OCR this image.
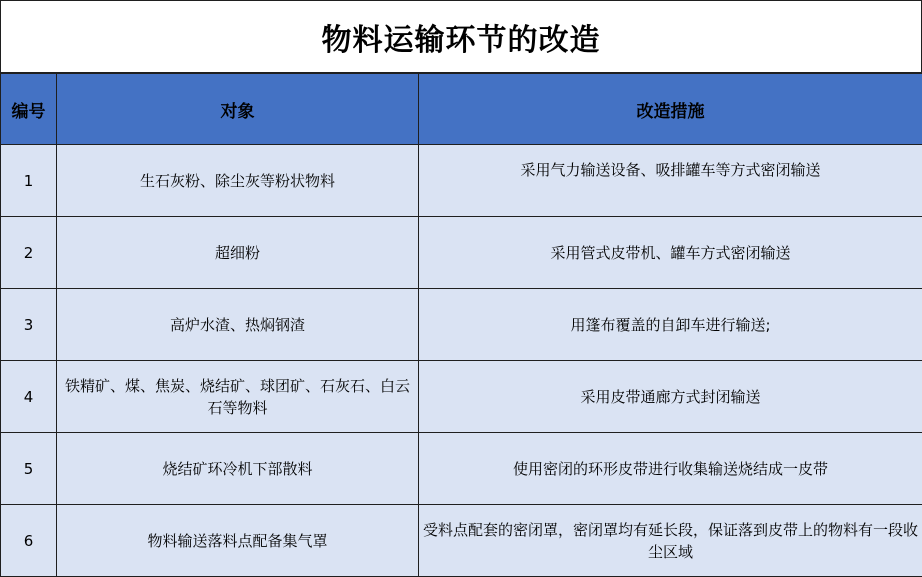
物料运输环节的改造
编号	对象	改造措施
1	生石灰粉、除尘灰等粉状物料	采用气力输送设备、吸排罐车等方式密闭输送
2	超细粉	采用管式皮带机、罐车方式密闭输送
3	高炉水渣、热焖钢渣	用篷布覆盖的自卸车进行输送;
4	铁精矿、煤、焦炭、烧结矿、球团矿、石灰石、白云石等物料	采用皮带通廊方式封闭输送
5	烧结矿环冷机下部散料	使用密闭的环形皮带进行收集输送烧结成一皮带
6	物料输送落料点配备集气罩	受料点配套的密闭罩，密闭罩均有延长段，保证落到皮带上的物料有一段收尘区域
